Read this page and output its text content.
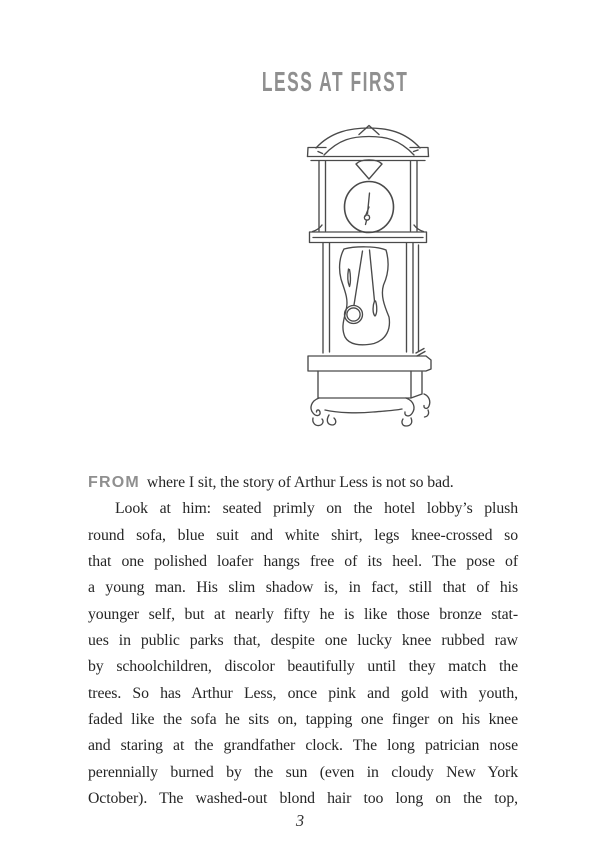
LESS AT FIRST
FROM where I sit, the story of Arthur Less is not so bad.
Look at him: seated primly on the hotel lobby’s plush
round sofa, blue suit and white shirt, legs knee-crossed so
that one polished loafer hangs free of its heel. The pose of
a young man. His slim shadow is, in fact, still that of his
younger self, but at nearly fifty he is like those bronze stat-
ues in public parks that, despite one lucky knee rubbed raw
by schoolchildren, discolor beautifully until they match the
trees. So has Arthur Less, once pink and gold with youth,
faded like the sofa he sits on, tapping one finger on his knee
and staring at the grandfather clock. The long patrician nose
perennially burned by the sun (even in cloudy New York
October). The washed-out blond hair too long on the top,
3
